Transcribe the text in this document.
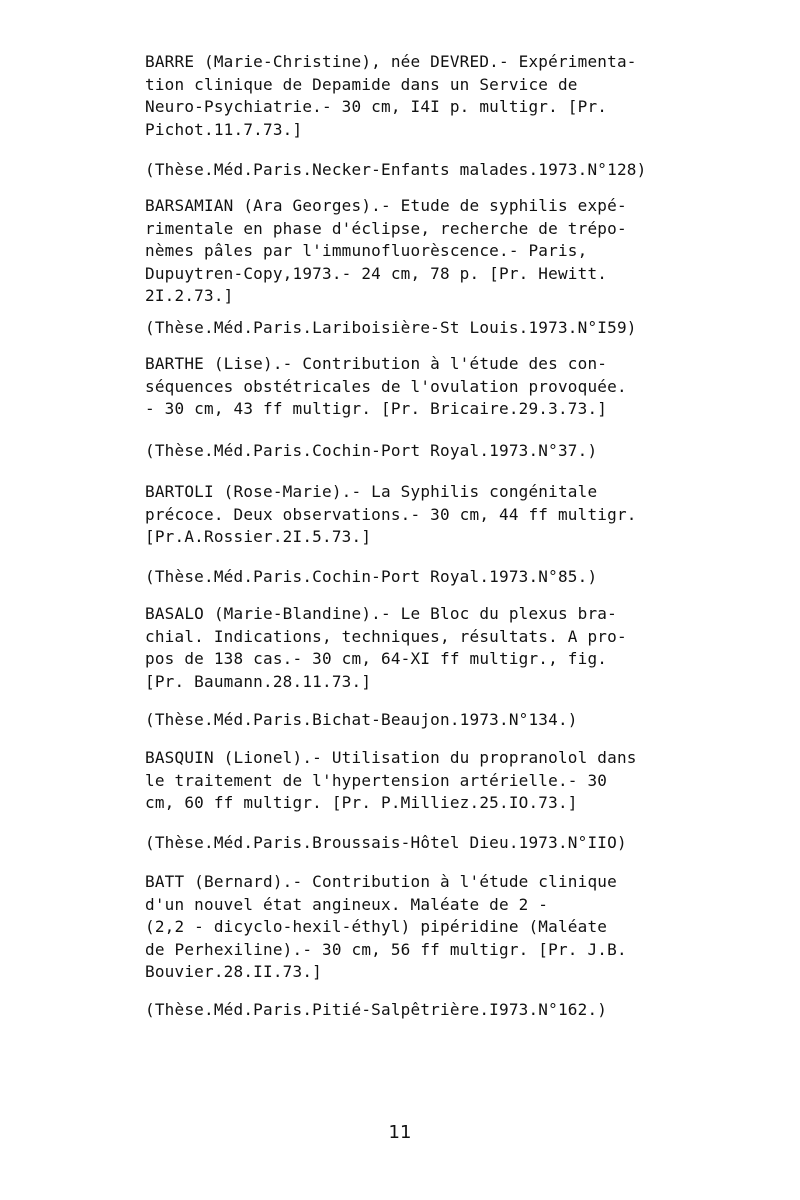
BARRE (Marie-Christine), née DEVRED.- Expérimenta-
tion clinique de Depamide dans un Service de
Neuro-Psychiatrie.- 30 cm, I4I p. multigr. [Pr.
Pichot.11.7.73.]
(Thèse.Méd.Paris.Necker-Enfants malades.1973.N°128)
BARSAMIAN (Ara Georges).- Etude de syphilis expé-
rimentale en phase d'éclipse, recherche de trépo-
nèmes pâles par l'immunofluorèscence.- Paris,
Dupuytren-Copy,1973.- 24 cm, 78 p. [Pr. Hewitt.
2I.2.73.]
(Thèse.Méd.Paris.Lariboisière-St Louis.1973.N°I59)
BARTHE (Lise).- Contribution à l'étude des con-
séquences obstétricales de l'ovulation provoquée.
- 30 cm, 43 ff multigr. [Pr. Bricaire.29.3.73.]
(Thèse.Méd.Paris.Cochin-Port Royal.1973.N°37.)
BARTOLI (Rose-Marie).- La Syphilis congénitale
précoce. Deux observations.- 30 cm, 44 ff multigr.
[Pr.A.Rossier.2I.5.73.]
(Thèse.Méd.Paris.Cochin-Port Royal.1973.N°85.)
BASALO (Marie-Blandine).- Le Bloc du plexus bra-
chial. Indications, techniques, résultats. A pro-
pos de 138 cas.- 30 cm, 64-XI ff multigr., fig.
[Pr. Baumann.28.11.73.]
(Thèse.Méd.Paris.Bichat-Beaujon.1973.N°134.)
BASQUIN (Lionel).- Utilisation du propranolol dans
le traitement de l'hypertension artérielle.- 30
cm, 60 ff multigr. [Pr. P.Milliez.25.IO.73.]
(Thèse.Méd.Paris.Broussais-Hôtel Dieu.1973.N°IIO)
BATT (Bernard).- Contribution à l'étude clinique
d'un nouvel état angineux. Maléate de 2 -
(2,2 - dicyclo-hexil-éthyl) pipéridine (Maléate
de Perhexiline).- 30 cm, 56 ff multigr. [Pr. J.B.
Bouvier.28.II.73.]
(Thèse.Méd.Paris.Pitié-Salpêtrière.I973.N°162.)
11
